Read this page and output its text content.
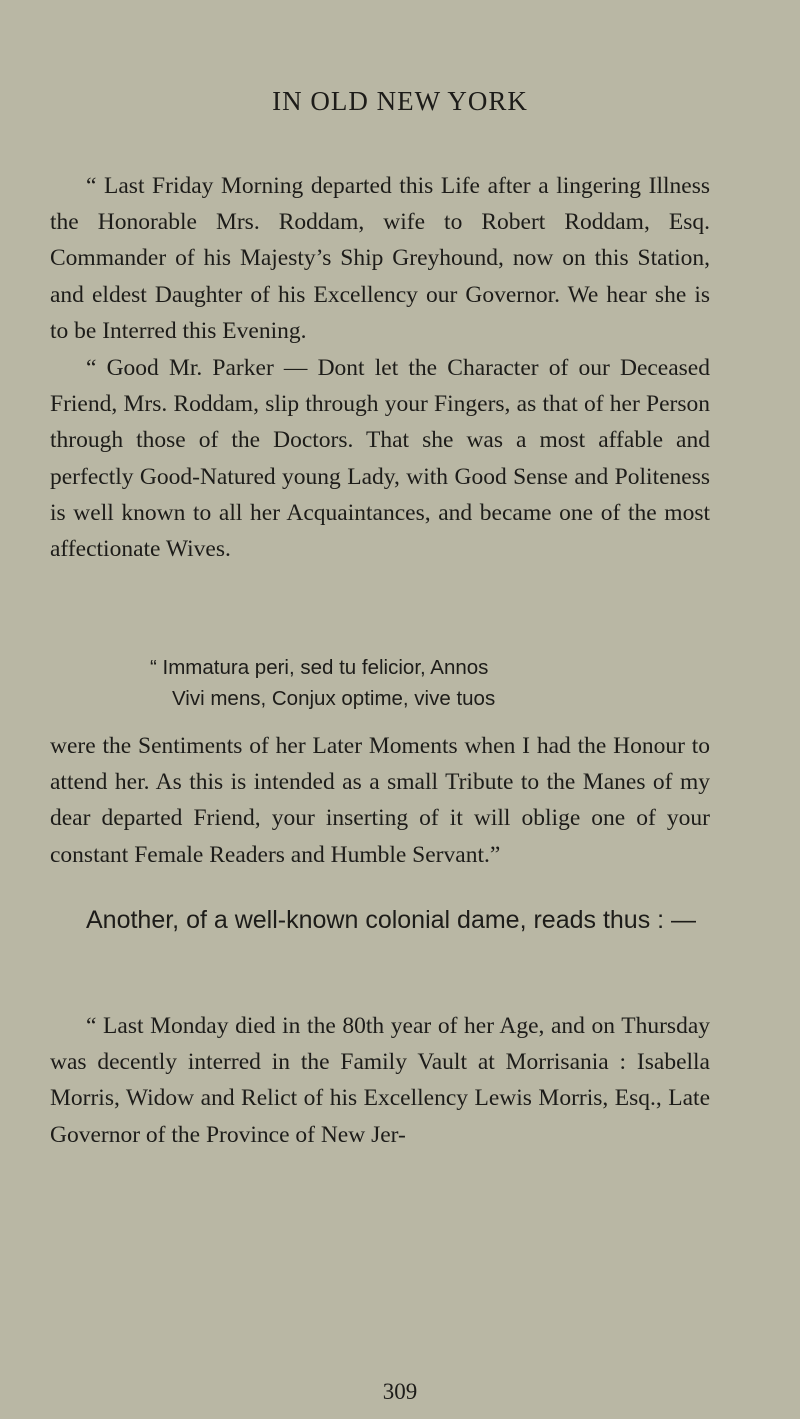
IN OLD NEW YORK
“ Last Friday Morning departed this Life after a lingering Illness the Honorable Mrs. Roddam, wife to Robert Roddam, Esq. Commander of his Majesty’s Ship Greyhound, now on this Station, and eldest Daughter of his Excellency our Governor. We hear she is to be Interred this Evening.
“ Good Mr. Parker — Dont let the Character of our Deceased Friend, Mrs. Roddam, slip through your Fingers, as that of her Person through those of the Doctors. That she was a most affable and perfectly Good-Natured young Lady, with Good Sense and Politeness is well known to all her Acquaintances, and became one of the most affectionate Wives.
“ Immatura peri, sed tu felicior, Annos
Vivi mens, Conjux optime, vive tuos
were the Sentiments of her Later Moments when I had the Honour to attend her. As this is intended as a small Tribute to the Manes of my dear departed Friend, your inserting of it will oblige one of your constant Female Readers and Humble Servant.”
Another, of a well-known colonial dame, reads thus : —
“ Last Monday died in the 80th year of her Age, and on Thursday was decently interred in the Family Vault at Morrisania : Isabella Morris, Widow and Relict of his Excellency Lewis Morris, Esq., Late Governor of the Province of New Jer-
309
